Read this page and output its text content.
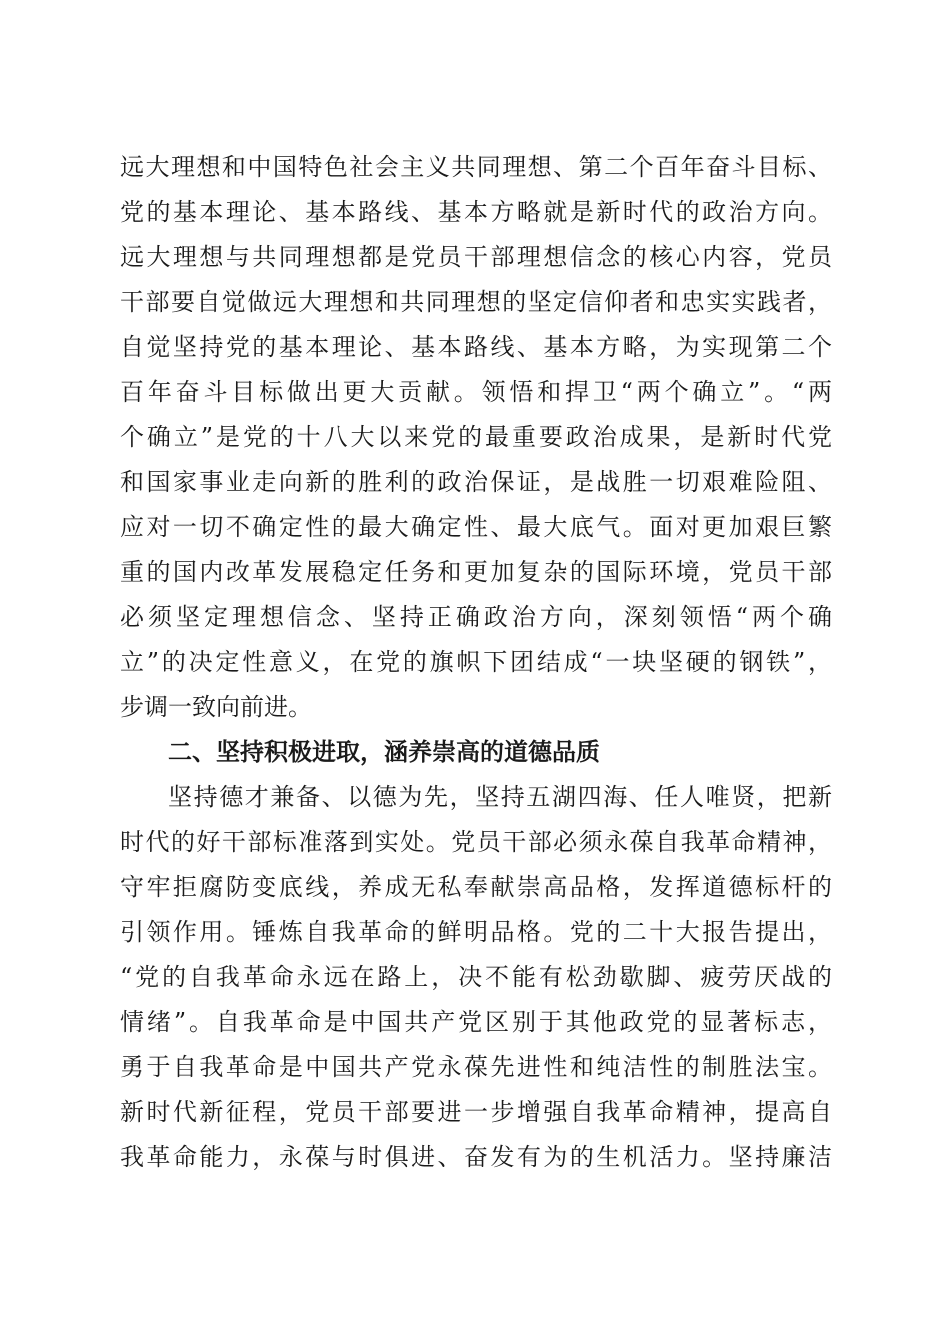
远大理想和中国特色社会主义共同理想、第二个百年奋斗目标、
党的基本理论、基本路线、基本方略就是新时代的政治方向。
远大理想与共同理想都是党员干部理想信念的核心内容，党员
干部要自觉做远大理想和共同理想的坚定信仰者和忠实实践者，
自觉坚持党的基本理论、基本路线、基本方略，为实现第二个
百年奋斗目标做出更大贡献。领悟和捍卫“两个确立”。“两
个确立”是党的十八大以来党的最重要政治成果，是新时代党
和国家事业走向新的胜利的政治保证，是战胜一切艰难险阻、
应对一切不确定性的最大确定性、最大底气。面对更加艰巨繁
重的国内改革发展稳定任务和更加复杂的国际环境，党员干部
必须坚定理想信念、坚持正确政治方向，深刻领悟“两个确
立”的决定性意义，在党的旗帜下团结成“一块坚硬的钢铁”，
步调一致向前进。
二、坚持积极进取，涵养崇高的道德品质
坚持德才兼备、以德为先，坚持五湖四海、任人唯贤，把新
时代的好干部标准落到实处。党员干部必须永葆自我革命精神，
守牢拒腐防变底线，养成无私奉献崇高品格，发挥道德标杆的
引领作用。锤炼自我革命的鲜明品格。党的二十大报告提出，
“党的自我革命永远在路上，决不能有松劲歇脚、疲劳厌战的
情绪”。自我革命是中国共产党区别于其他政党的显著标志，
勇于自我革命是中国共产党永葆先进性和纯洁性的制胜法宝。
新时代新征程，党员干部要进一步增强自我革命精神，提高自
我革命能力，永葆与时俱进、奋发有为的生机活力。坚持廉洁
